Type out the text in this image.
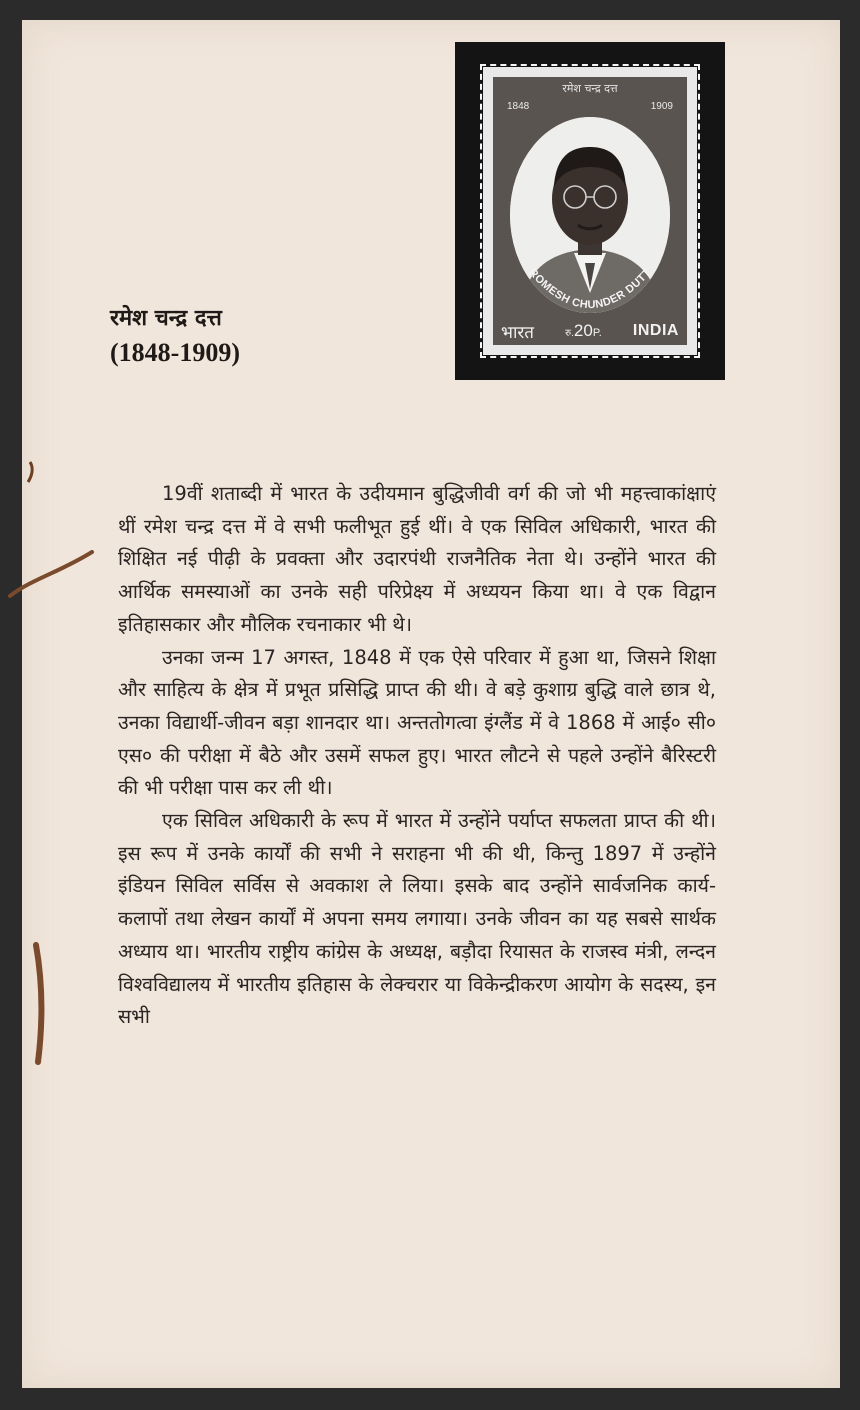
रमेश चन्द्र दत्त
1848	1909
ROMESH CHUNDER DUTT
भारत	रु.20P. INDIA
रमेश चन्द्र दत्त
(1848-1909)

19वीं शताब्दी में भारत के उदीयमान बुद्धिजीवी वर्ग की जो भी महत्त्वाकांक्षाएं थीं रमेश चन्द्र दत्त में वे सभी फलीभूत हुई थीं। वे एक सिविल अधिकारी, भारत की शिक्षित नई पीढ़ी के प्रवक्ता और उदारपंथी राजनैतिक नेता थे। उन्होंने भारत की आर्थिक समस्याओं का उनके सही परिप्रेक्ष्य में अध्ययन किया था। वे एक विद्वान इतिहासकार और मौलिक रचनाकार भी थे।

उनका जन्म 17 अगस्त, 1848 में एक ऐसे परिवार में हुआ था, जिसने शिक्षा और साहित्य के क्षेत्र में प्रभूत प्रसिद्धि प्राप्त की थी। वे बड़े कुशाग्र बुद्धि वाले छात्र थे, उनका विद्यार्थी-जीवन बड़ा शानदार था। अन्ततोगत्वा इंग्लैंड में वे 1868 में आई० सी० एस० की परीक्षा में बैठे और उसमें सफल हुए। भारत लौटने से पहले उन्होंने बैरिस्टरी की भी परीक्षा पास कर ली थी।

एक सिविल अधिकारी के रूप में भारत में उन्होंने पर्याप्त सफलता प्राप्त की थी। इस रूप में उनके कार्यों की सभी ने सराहना भी की थी, किन्तु 1897 में उन्होंने इंडियन सिविल सर्विस से अवकाश ले लिया। इसके बाद उन्होंने सार्वजनिक कार्य-कलापों तथा लेखन कार्यों में अपना समय लगाया। उनके जीवन का यह सबसे सार्थक अध्याय था। भारतीय राष्ट्रीय कांग्रेस के अध्यक्ष, बड़ौदा रियासत के राजस्व मंत्री, लन्दन विश्वविद्यालय में भारतीय इतिहास के लेक्चरार या विकेन्द्रीकरण आयोग के सदस्य, इन सभी
